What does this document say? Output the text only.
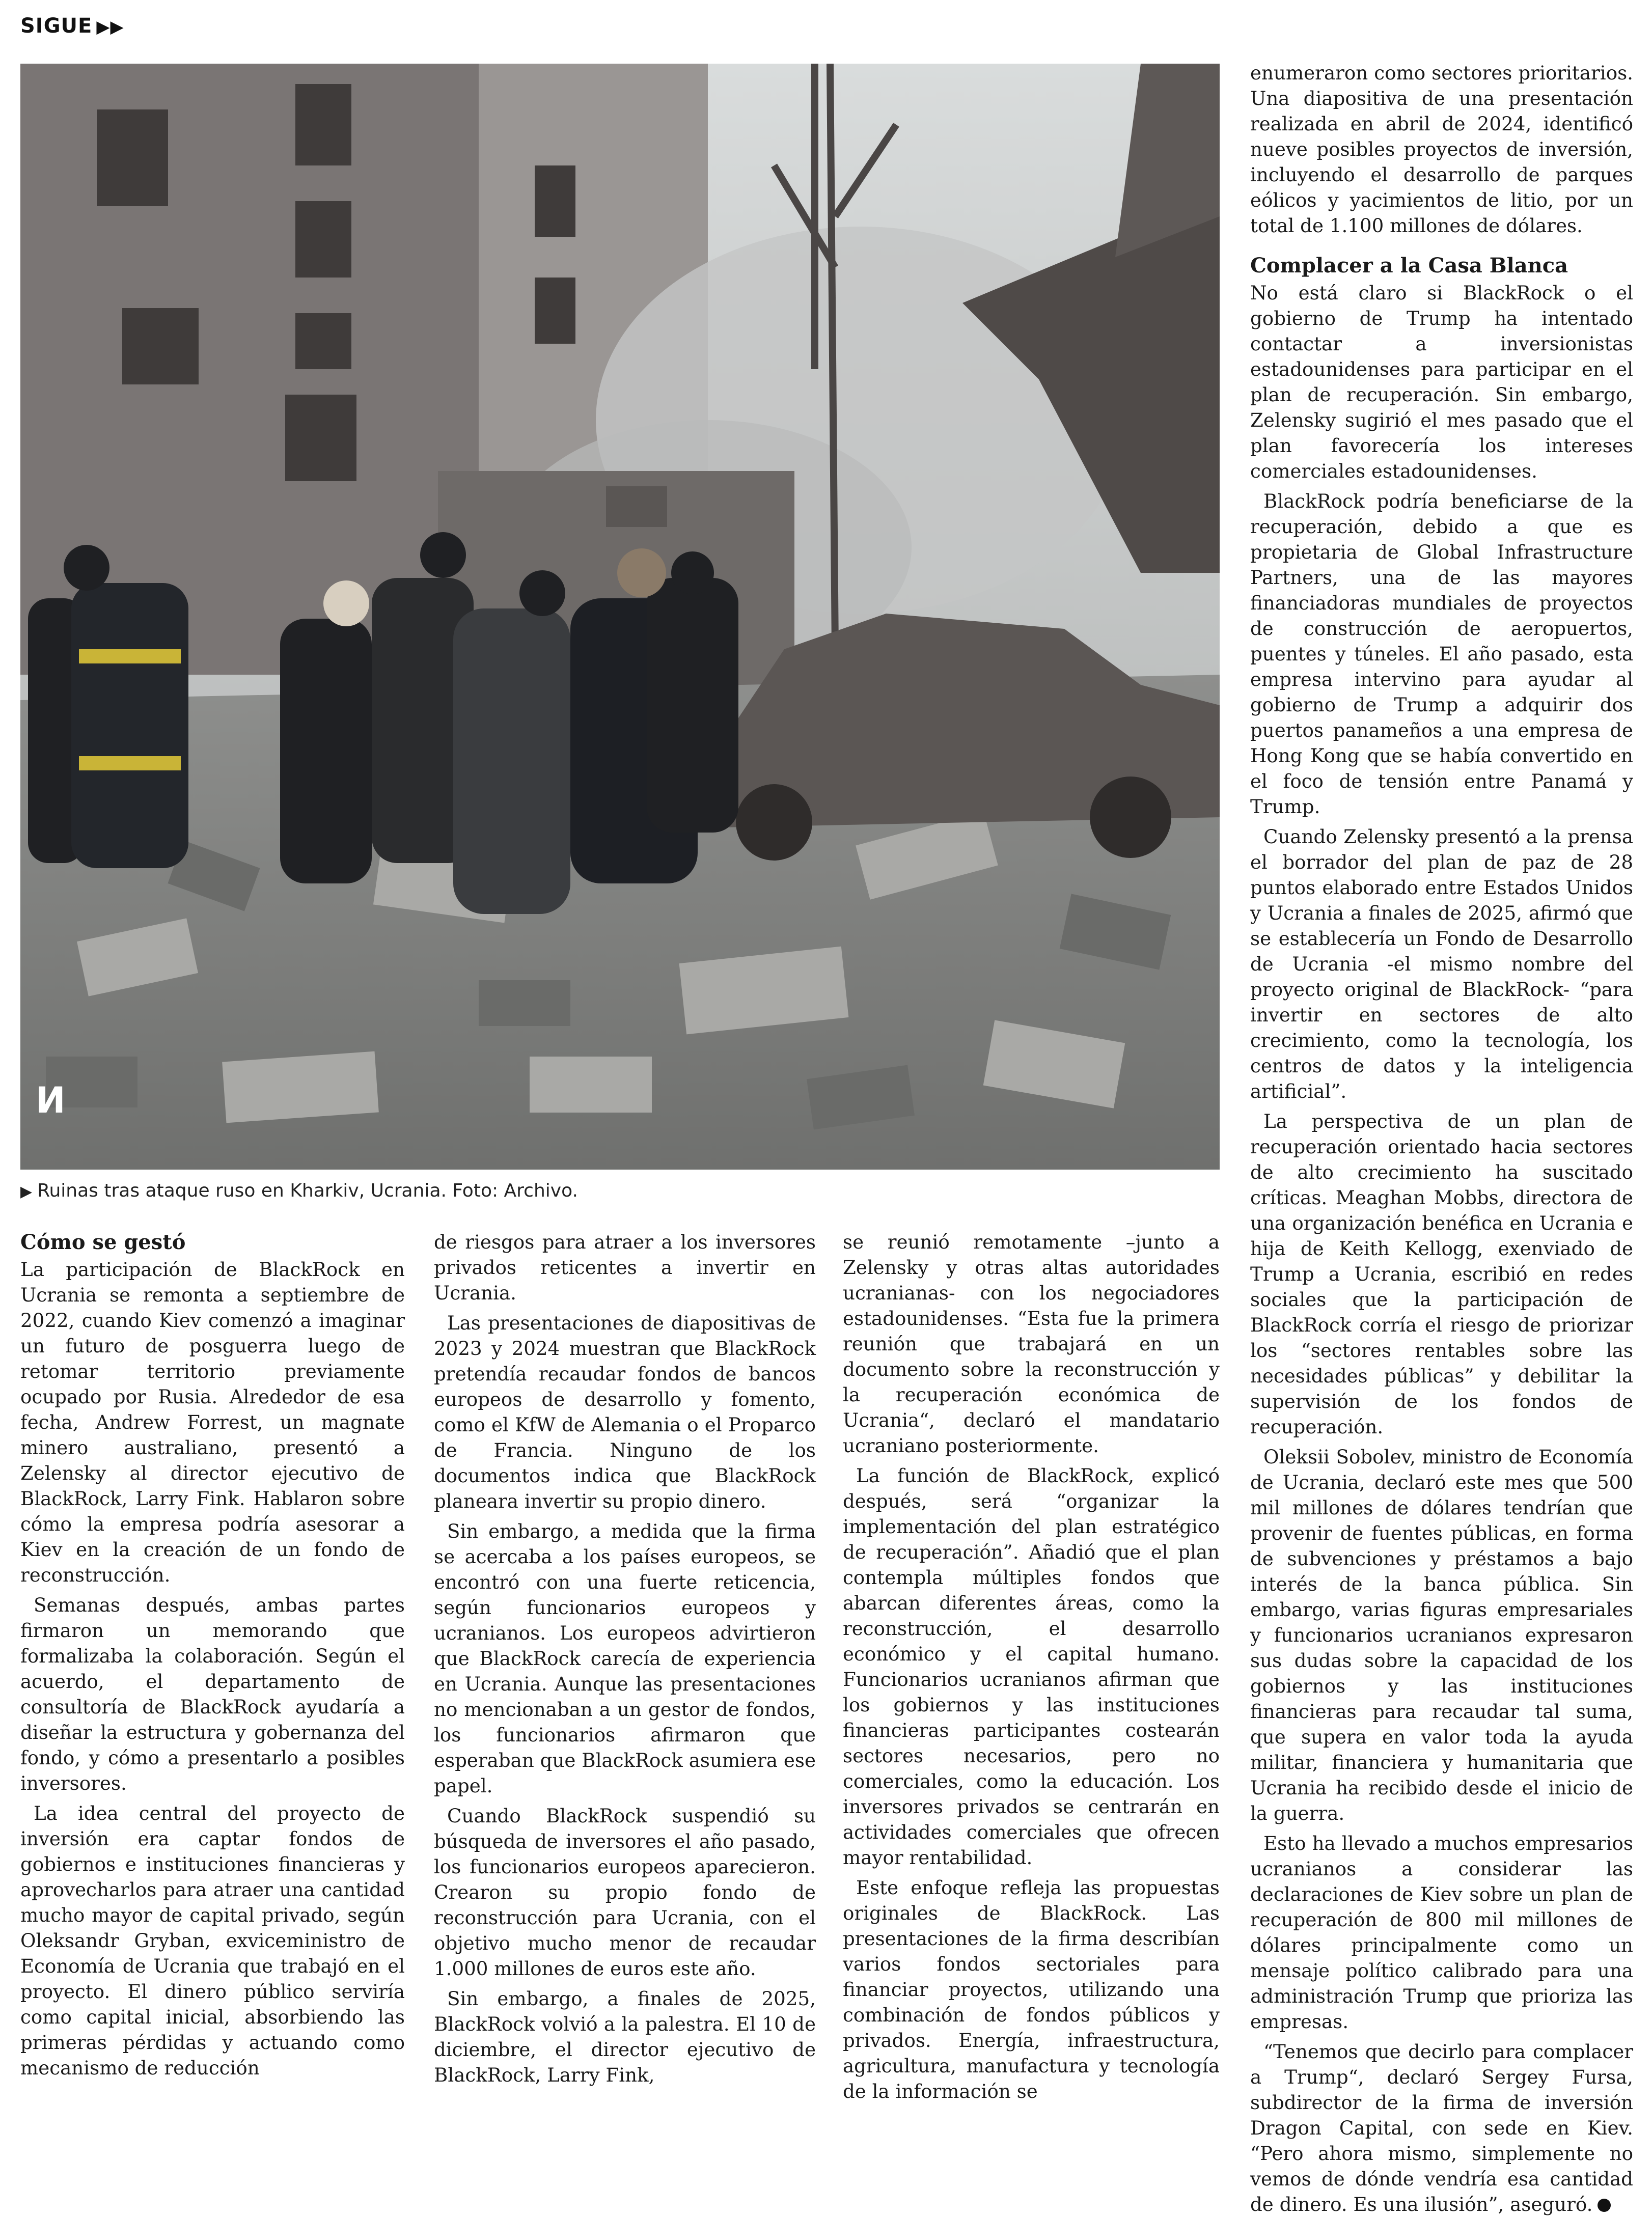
SIGUE ▶▶
И
▶ Ruinas tras ataque ruso en Kharkiv, Ucrania. Foto: Archivo.
Cómo se gestó

La participación de BlackRock en Ucrania se remonta a septiembre de 2022, cuando Kiev comenzó a imaginar un futuro de posguerra luego de retomar territorio previamente ocupado por Rusia. Alrededor de esa fecha, Andrew Forrest, un magnate minero australiano, presentó a Zelensky al director ejecutivo de BlackRock, Larry Fink. Hablaron sobre cómo la empresa podría asesorar a Kiev en la creación de un fondo de reconstrucción.

Semanas después, ambas partes firmaron un memorando que formalizaba la colaboración. Según el acuerdo, el departamento de consultoría de BlackRock ayudaría a diseñar la estructura y gobernanza del fondo, y cómo a presentarlo a posibles inversores.

La idea central del proyecto de inversión era captar fondos de gobiernos e instituciones financieras y aprovecharlos para atraer una cantidad mucho mayor de capital privado, según Oleksandr Gryban, exviceministro de Economía de Ucrania que trabajó en el proyecto. El dinero público serviría como capital inicial, absorbiendo las primeras pérdidas y actuando como mecanismo de reducción

de riesgos para atraer a los inversores privados reticentes a invertir en Ucrania.

Las presentaciones de diapositivas de 2023 y 2024 muestran que BlackRock pretendía recaudar fondos de bancos europeos de desarrollo y fomento, como el KfW de Alemania o el Proparco de Francia. Ninguno de los documentos indica que BlackRock planeara invertir su propio dinero.

Sin embargo, a medida que la firma se acercaba a los países europeos, se encontró con una fuerte reticencia, según funcionarios europeos y ucranianos. Los europeos advirtieron que BlackRock carecía de experiencia en Ucrania. Aunque las presentaciones no mencionaban a un gestor de fondos, los funcionarios afirmaron que esperaban que BlackRock asumiera ese papel.

Cuando BlackRock suspendió su búsqueda de inversores el año pasado, los funcionarios europeos aparecieron. Crearon su propio fondo de reconstrucción para Ucrania, con el objetivo mucho menor de recaudar 1.000 millones de euros este año.

Sin embargo, a finales de 2025, BlackRock volvió a la palestra. El 10 de diciembre, el director ejecutivo de BlackRock, Larry Fink,

se reunió remotamente –junto a Zelensky y otras altas autoridades ucranianas- con los negociadores estadounidenses. “Esta fue la primera reunión que trabajará en un documento sobre la reconstrucción y la recuperación económica de Ucrania“, declaró el mandatario ucraniano posteriormente.

La función de BlackRock, explicó después, será “organizar la implementación del plan estratégico de recuperación”. Añadió que el plan contempla múltiples fondos que abarcan diferentes áreas, como la reconstrucción, el desarrollo económico y el capital humano. Funcionarios ucranianos afirman que los gobiernos y las instituciones financieras participantes costearán sectores necesarios, pero no comerciales, como la educación. Los inversores privados se centrarán en actividades comerciales que ofrecen mayor rentabilidad.

Este enfoque refleja las propuestas originales de BlackRock. Las presentaciones de la firma describían varios fondos sectoriales para financiar proyectos, utilizando una combinación de fondos públicos y privados. Energía, infraestructura, agricultura, manufactura y tecnología de la información se

enumeraron como sectores prioritarios. Una diapositiva de una presentación realizada en abril de 2024, identificó nueve posibles proyectos de inversión, incluyendo el desarrollo de parques eólicos y yacimientos de litio, por un total de 1.100 millones de dólares.

Complacer a la Casa Blanca

No está claro si BlackRock o el gobierno de Trump ha intentado contactar a inversionistas estadounidenses para participar en el plan de recuperación. Sin embargo, Zelensky sugirió el mes pasado que el plan favorecería los intereses comerciales estadounidenses.

BlackRock podría beneficiarse de la recuperación, debido a que es propietaria de Global Infrastructure Partners, una de las mayores financiadoras mundiales de proyectos de construcción de aeropuertos, puentes y túneles. El año pasado, esta empresa intervino para ayudar al gobierno de Trump a adquirir dos puertos panameños a una empresa de Hong Kong que se había convertido en el foco de tensión entre Panamá y Trump.

Cuando Zelensky presentó a la prensa el borrador del plan de paz de 28 puntos elaborado entre Estados Unidos y Ucrania a finales de 2025, afirmó que se establecería un Fondo de Desarrollo de Ucrania -el mismo nombre del proyecto original de BlackRock- “para invertir en sectores de alto crecimiento, como la tecnología, los centros de datos y la inteligencia artificial”.

La perspectiva de un plan de recuperación orientado hacia sectores de alto crecimiento ha suscitado críticas. Meaghan Mobbs, directora de una organización benéfica en Ucrania e hija de Keith Kellogg, exenviado de Trump a Ucrania, escribió en redes sociales que la participación de BlackRock corría el riesgo de priorizar los “sectores rentables sobre las necesidades públicas” y debilitar la supervisión de los fondos de recuperación.

Oleksii Sobolev, ministro de Economía de Ucrania, declaró este mes que 500 mil millones de dólares tendrían que provenir de fuentes públicas, en forma de subvenciones y préstamos a bajo interés de la banca pública. Sin embargo, varias figuras empresariales y funcionarios ucranianos expresaron sus dudas sobre la capacidad de los gobiernos y las instituciones financieras para recaudar tal suma, que supera en valor toda la ayuda militar, financiera y humanitaria que Ucrania ha recibido desde el inicio de la guerra.

Esto ha llevado a muchos empresarios ucranianos a considerar las declaraciones de Kiev sobre un plan de recuperación de 800 mil millones de dólares principalmente como un mensaje político calibrado para una administración Trump que prioriza las empresas.

“Tenemos que decirlo para complacer a Trump“, declaró Sergey Fursa, subdirector de la firma de inversión Dragon Capital, con sede en Kiev. “Pero ahora mismo, simplemente no vemos de dónde vendría esa cantidad de dinero. Es una ilusión”, aseguró.
